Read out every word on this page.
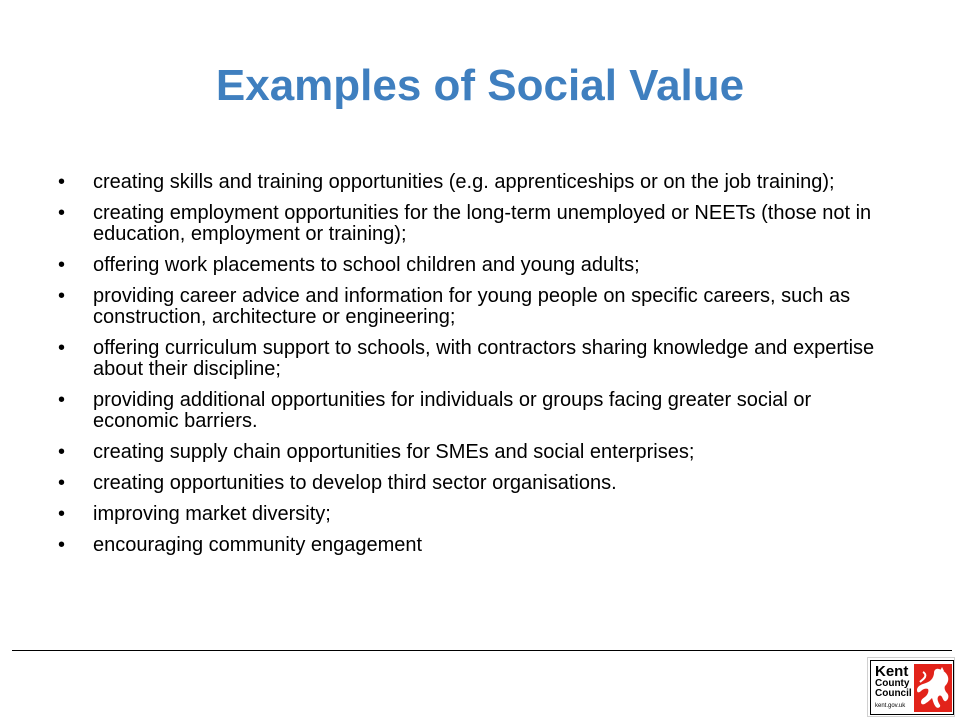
Examples of Social Value
•	creating skills and training opportunities (e.g. apprenticeships or on the job training);
•	creating employment opportunities for the long-term unemployed or NEETs (those not in education, employment or training);
•	offering work placements to school children and young adults;
•	providing career advice and information for young people on specific careers, such as construction, architecture or engineering;
•	offering curriculum support to schools, with contractors sharing knowledge and expertise about their discipline;
•	providing additional opportunities for individuals or groups facing greater social or economic barriers.
•	creating supply chain opportunities for SMEs and social enterprises;
•	creating opportunities to develop third sector organisations.
•	improving market diversity;
•	encouraging community engagement
Kent
County
Council
kent.gov.uk
